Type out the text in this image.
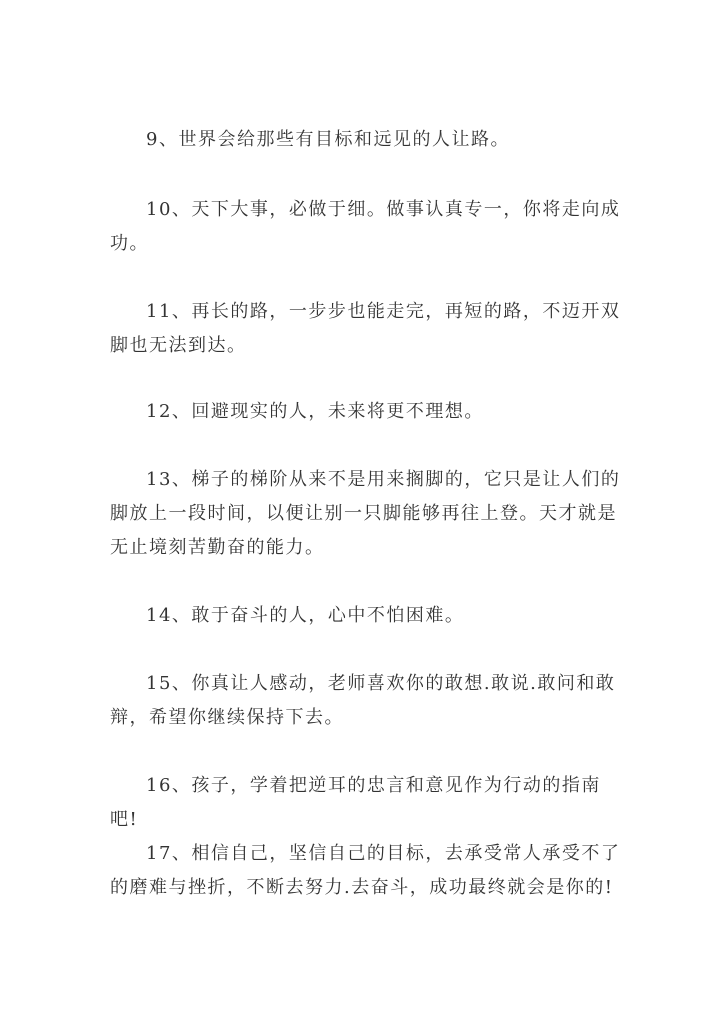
9、世界会给那些有目标和远见的人让路。

10、天下大事，必做于细。做事认真专一，你将走向成功。

11、再长的路，一步步也能走完，再短的路，不迈开双脚也无法到达。

12、回避现实的人，未来将更不理想。

13、梯子的梯阶从来不是用来搁脚的，它只是让人们的脚放上一段时间，以便让别一只脚能够再往上登。天才就是无止境刻苦勤奋的能力。

14、敢于奋斗的人，心中不怕困难。

15、你真让人感动，老师喜欢你的敢想.敢说.敢问和敢辩，希望你继续保持下去。

16、孩子，学着把逆耳的忠言和意见作为行动的指南吧!

17、相信自己，坚信自己的目标，去承受常人承受不了的磨难与挫折，不断去努力.去奋斗，成功最终就会是你的!
